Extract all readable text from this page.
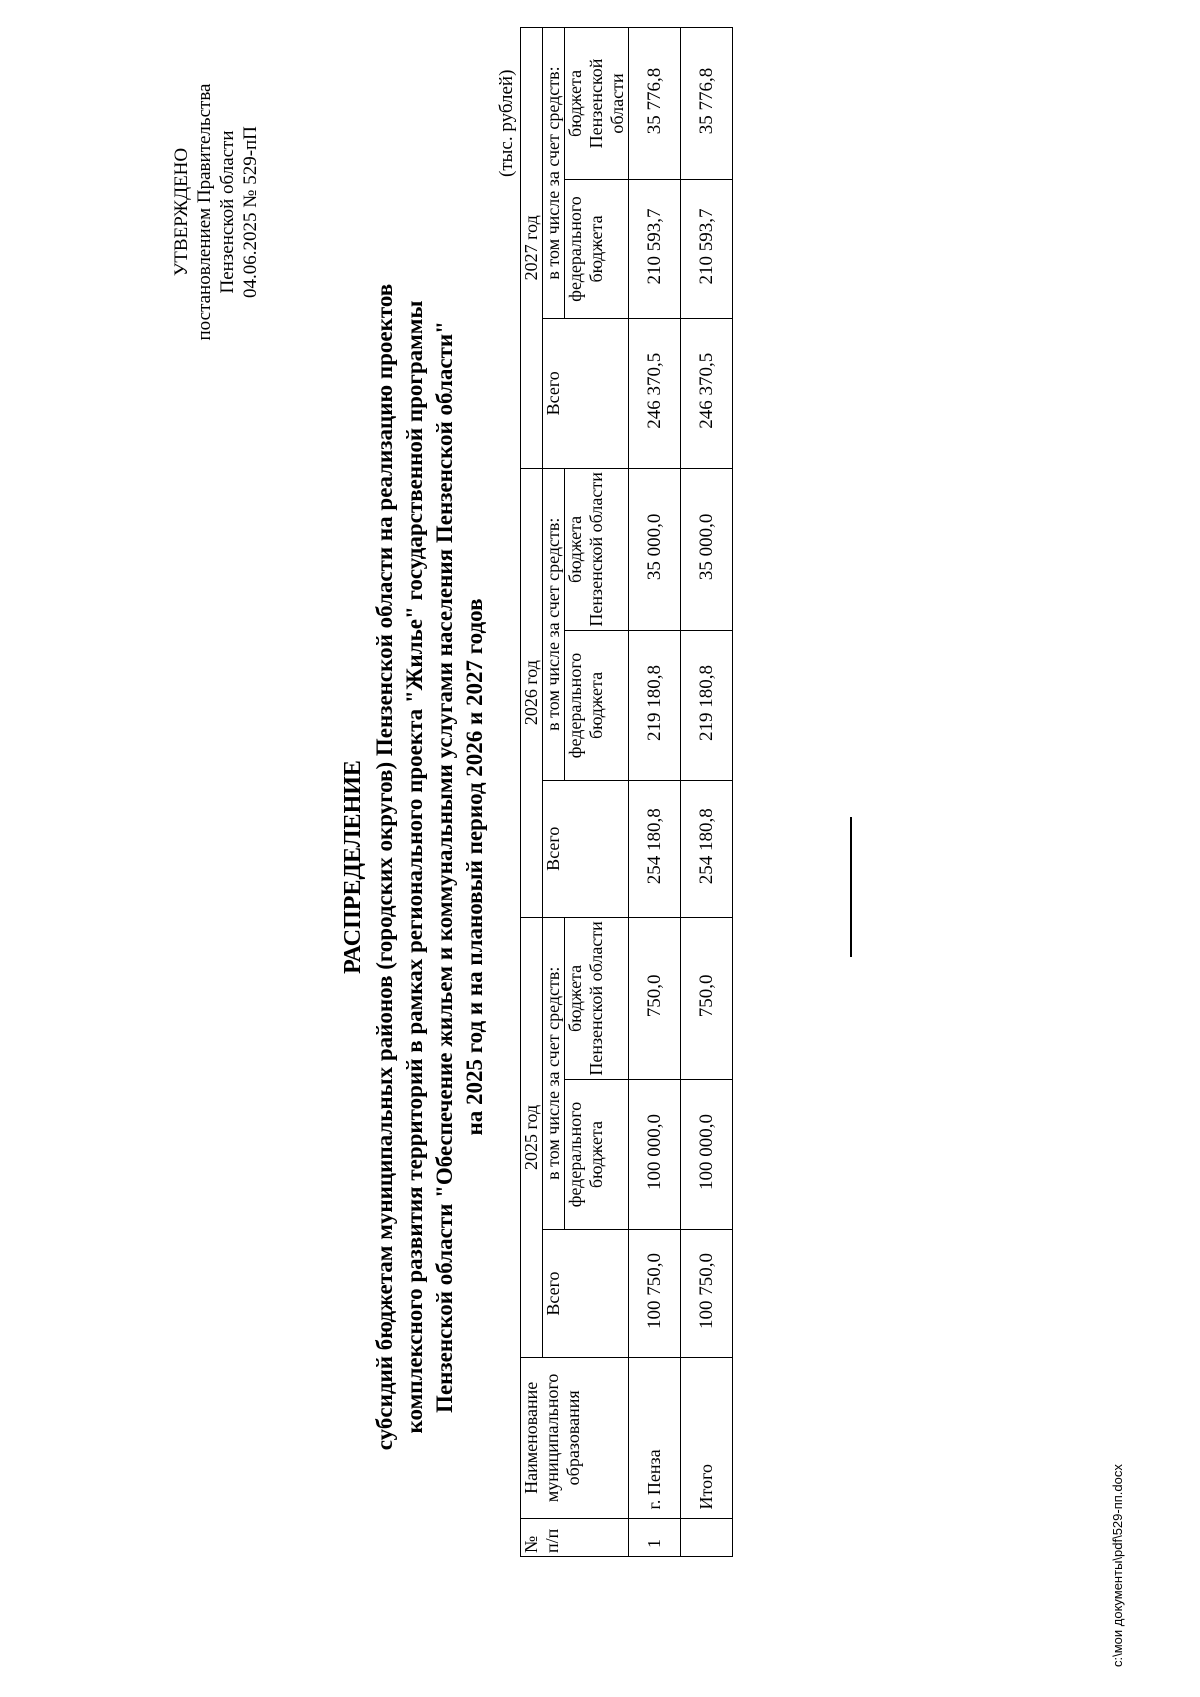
УТВЕРЖДЕНО постановлением Правительства Пензенской области 04.06.2025 № 529-пП
РАСПРЕДЕЛЕНИЕ субсидий бюджетам муниципальных районов (городских округов) Пензенской области на реализацию проектов комплексного развития территорий в рамках регионального проекта "Жилье" государственной программы Пензенской области "Обеспечение жильем и коммунальными услугами населения Пензенской области" на 2025 год и на плановый период 2026 и 2027 годов
(тыс. рублей)
№ п/п	Наименование муниципального образования	2025 год			2026 год			2027 год		
		Всего	в том числе за счет средств:		Всего	в том числе за счет средств:		Всего	в том числе за счет средств:	
			федерального бюджета	бюджета Пензенской области		федерального бюджета	бюджета Пензенской области		федерального бюджета	бюджета Пензенской области
1	г. Пенза	100 750,0	100 000,0	750,0	254 180,8	219 180,8	35 000,0	246 370,5	210 593,7	35 776,8
	Итого	100 750,0	100 000,0	750,0	254 180,8	219 180,8	35 000,0	246 370,5	210 593,7	35 776,8
c:\мои документы\pdf\529-пп.docx
